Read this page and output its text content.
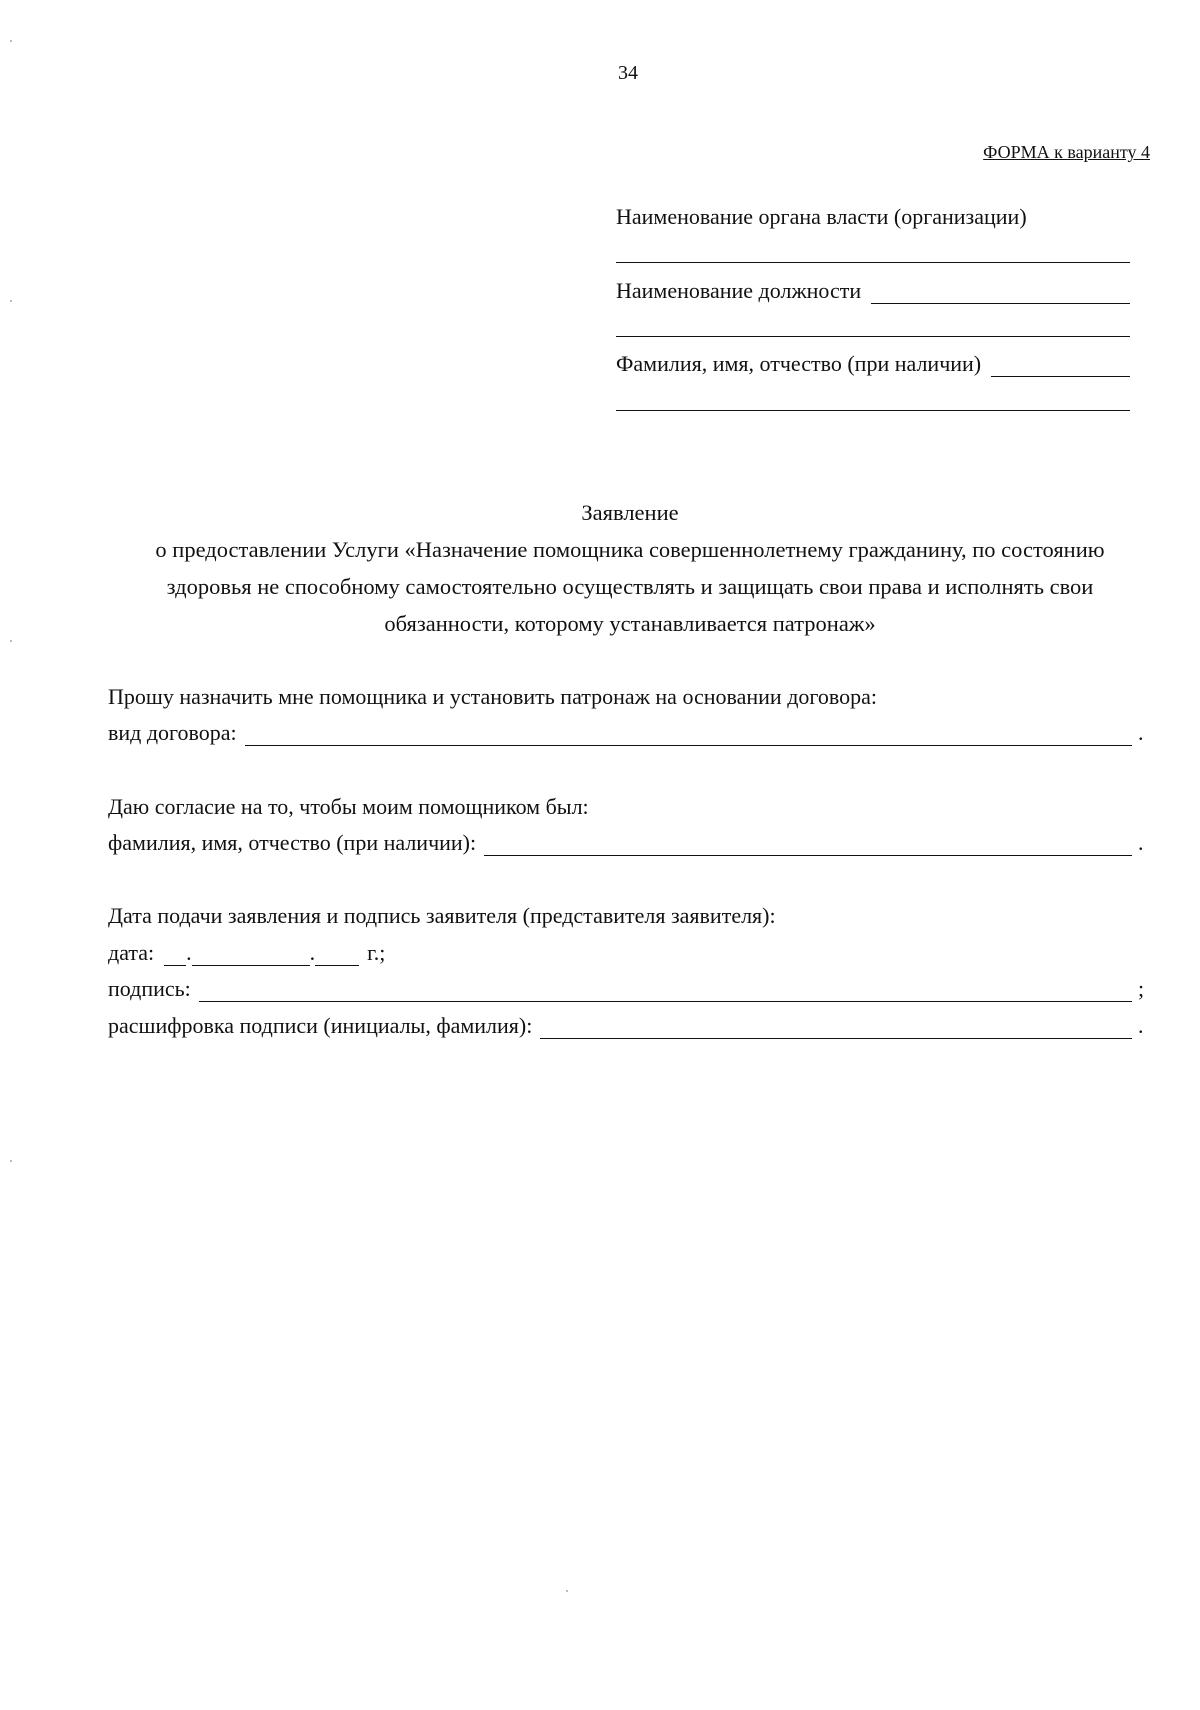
34
ФОРМА к варианту 4
Наименование органа власти (организации)
Наименование должности
Фамилия, имя, отчество (при наличии)
Заявление
о предоставлении Услуги «Назначение помощника совершеннолетнему гражданину, по состоянию
здоровья не способному самостоятельно осуществлять и защищать свои права и исполнять свои
обязанности, которому устанавливается патронаж»
Прошу назначить мне помощника и установить патронаж на основании договора:
вид договора:	.
Даю согласие на то, чтобы моим помощником был:
фамилия, имя, отчество (при наличии):	.
Дата подачи заявления и подпись заявителя (представителя заявителя):
дата: .	. г.;
подпись:	;
расшифровка подписи (инициалы, фамилия):	.
